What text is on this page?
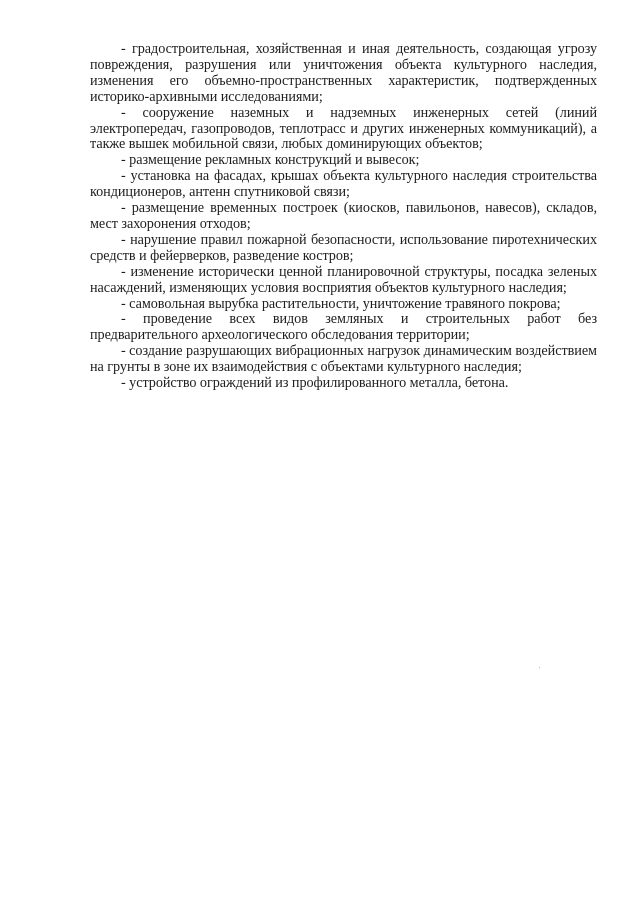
- градостроительная, хозяйственная и иная деятельность, создающая угрозу повреждения, разрушения или уничтожения объекта культурного наследия, изменения его объемно-пространственных характеристик, подтвержденных историко-архивными исследованиями;

- сооружение наземных и надземных инженерных сетей (линий электропередач, газопроводов, теплотрасс и других инженерных коммуникаций), а также вышек мобильной связи, любых доминирующих объектов;

- размещение рекламных конструкций и вывесок;

- установка на фасадах, крышах объекта культурного наследия строительства кондиционеров, антенн спутниковой связи;

- размещение временных построек (киосков, павильонов, навесов), складов, мест захоронения отходов;

- нарушение правил пожарной безопасности, использование пиротехнических средств и фейерверков, разведение костров;

- изменение исторически ценной планировочной структуры, посадка зеленых насаждений, изменяющих условия восприятия объектов культурного наследия;

- самовольная вырубка растительности, уничтожение травяного покрова;

- проведение всех видов земляных и строительных работ без предварительного археологического обследования территории;

- создание разрушающих вибрационных нагрузок динамическим воздействием на грунты в зоне их взаимодействия с объектами культурного наследия;

- устройство ограждений из профилированного металла, бетона.
